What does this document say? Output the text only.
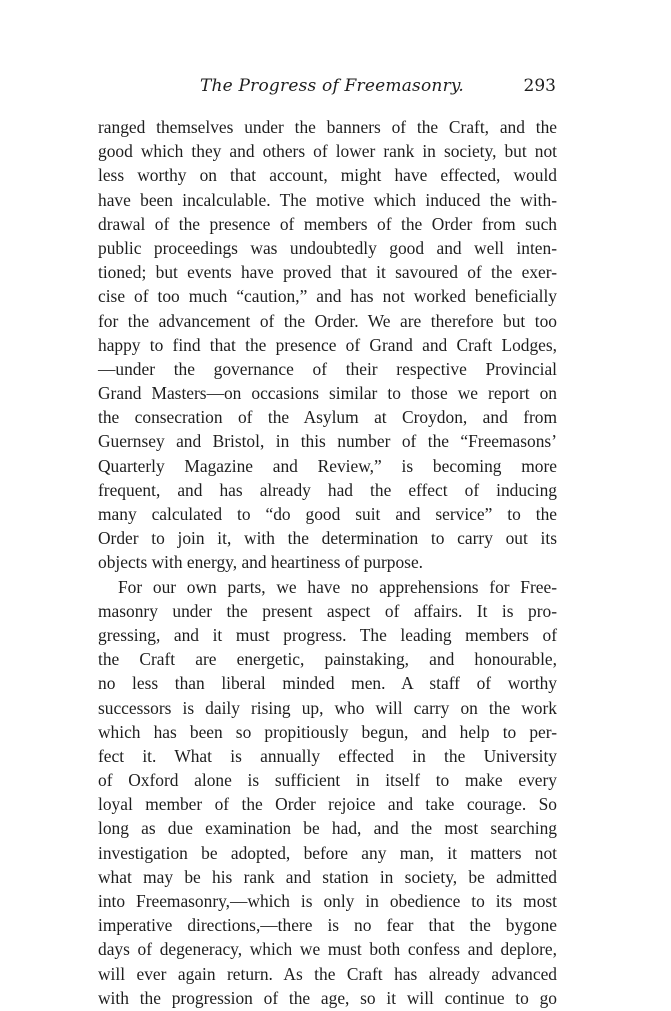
The Progress of Freemasonry.	293
ranged themselves under the banners of the Craft, and the
good which they and others of lower rank in society, but not
less worthy on that account, might have effected, would
have been incalculable. The motive which induced the with-
drawal of the presence of members of the Order from such
public proceedings was undoubtedly good and well inten-
tioned; but events have proved that it savoured of the exer-
cise of too much “caution,” and has not worked beneficially
for the advancement of the Order. We are therefore but too
happy to find that the presence of Grand and Craft Lodges,
—under the governance of their respective Provincial
Grand Masters—on occasions similar to those we report on
the consecration of the Asylum at Croydon, and from
Guernsey and Bristol, in this number of the “Freemasons’
Quarterly Magazine and Review,” is becoming more
frequent, and has already had the effect of inducing
many calculated to “do good suit and service” to the
Order to join it, with the determination to carry out its
objects with energy, and heartiness of purpose.
For our own parts, we have no apprehensions for Free-
masonry under the present aspect of affairs. It is pro-
gressing, and it must progress. The leading members of
the Craft are energetic, painstaking, and honourable,
no less than liberal minded men. A staff of worthy
successors is daily rising up, who will carry on the work
which has been so propitiously begun, and help to per-
fect it. What is annually effected in the University
of Oxford alone is sufficient in itself to make every
loyal member of the Order rejoice and take courage. So
long as due examination be had, and the most searching
investigation be adopted, before any man, it matters not
what may be his rank and station in society, be admitted
into Freemasonry,—which is only in obedience to its most
imperative directions,—there is no fear that the bygone
days of degeneracy, which we must both confess and deplore,
will ever again return. As the Craft has already advanced
with the progression of the age, so it will continue to go
